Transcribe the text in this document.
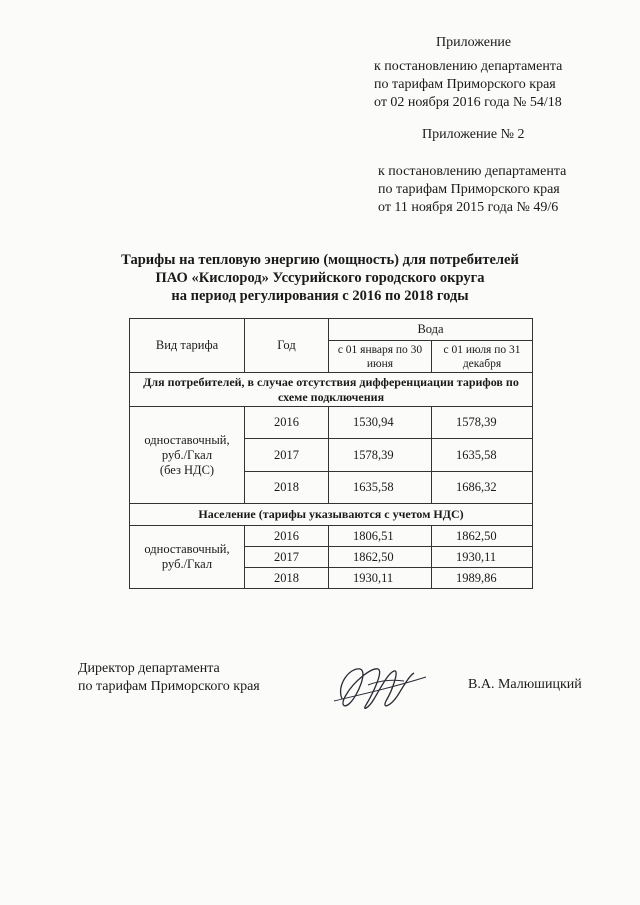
Приложение
к постановлению департамента
по тарифам Приморского края
от 02 ноября 2016 года № 54/18
Приложение № 2
к постановлению департамента
по тарифам Приморского края
от 11 ноября 2015 года № 49/6
Тарифы на тепловую энергию (мощность) для потребителей
ПАО «Кислород» Уссурийского городского округа
на период регулирования с 2016 по 2018 годы
Вид тарифа	Год	Вода	
		с 01 января по 30 июня	с 01 июля по 31 декабря
Для потребителей, в случае отсутствия дифференциации тарифов по схеме подключения			

одноставочный,
руб./Гкал
(без НДС)	2016	1530,94	1578,39
	2017	1578,39	1635,58
	2018	1635,58	1686,32
Население (тарифы указываются с учетом НДС)			

одноставочный,
руб./Гкал	2016	1806,51	1862,50
	2017	1862,50	1930,11
	2018	1930,11	1989,86
Директор департамента
по тарифам Приморского края	В.А. Малюшицкий
